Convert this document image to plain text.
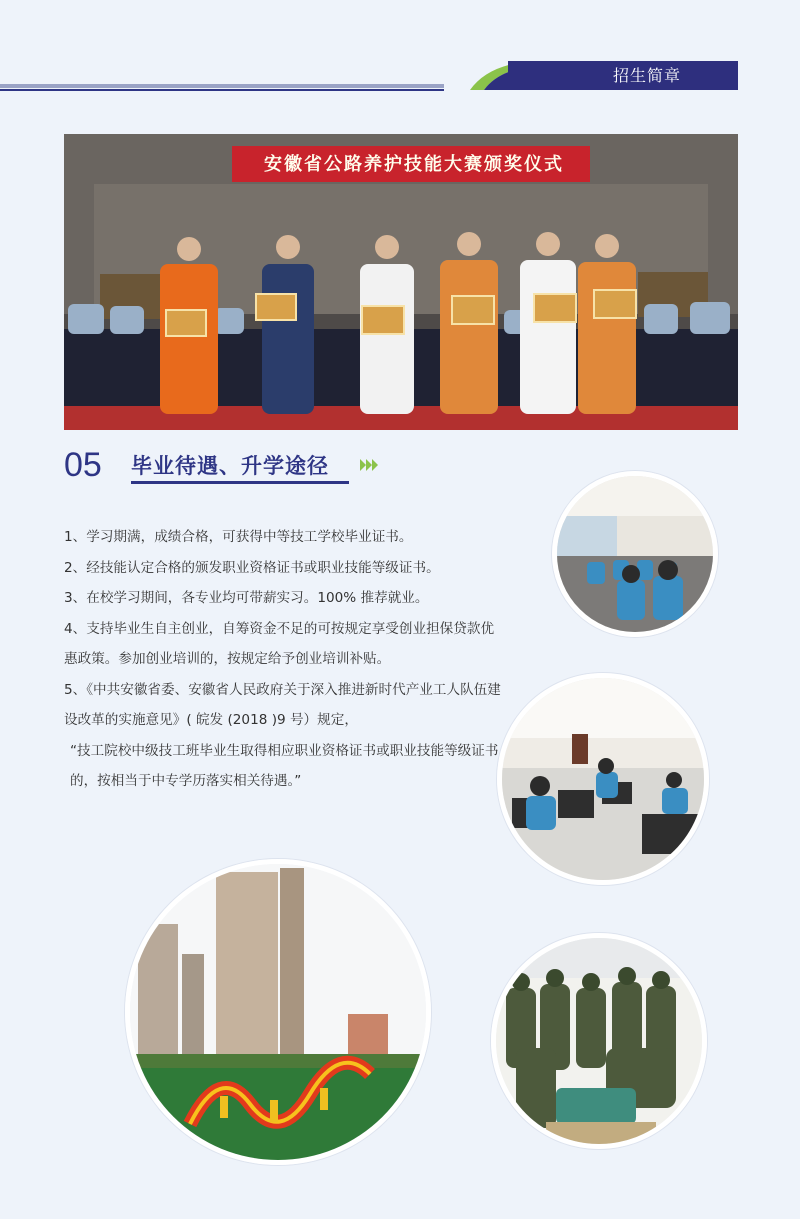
招生简章
安徽省公路养护技能大赛颁奖仪式
05 毕业待遇、升学途径

1、学习期满，成绩合格，可获得中等技工学校毕业证书。

2、经技能认定合格的颁发职业资格证书或职业技能等级证书。

3、在校学习期间，各专业均可带薪实习。100% 推荐就业。

4、支持毕业生自主创业，自筹资金不足的可按规定享受创业担保贷款优惠政策。参加创业培训的，按规定给予创业培训补贴。

5、《中共安徽省委、安徽省人民政府关于深入推进新时代产业工人队伍建设改革的实施意见》( 皖发 (2018 )9 号）规定，

“技工院校中级技工班毕业生取得相应职业资格证书或职业技能等级证书的，按相当于中专学历落实相关待遇。”
